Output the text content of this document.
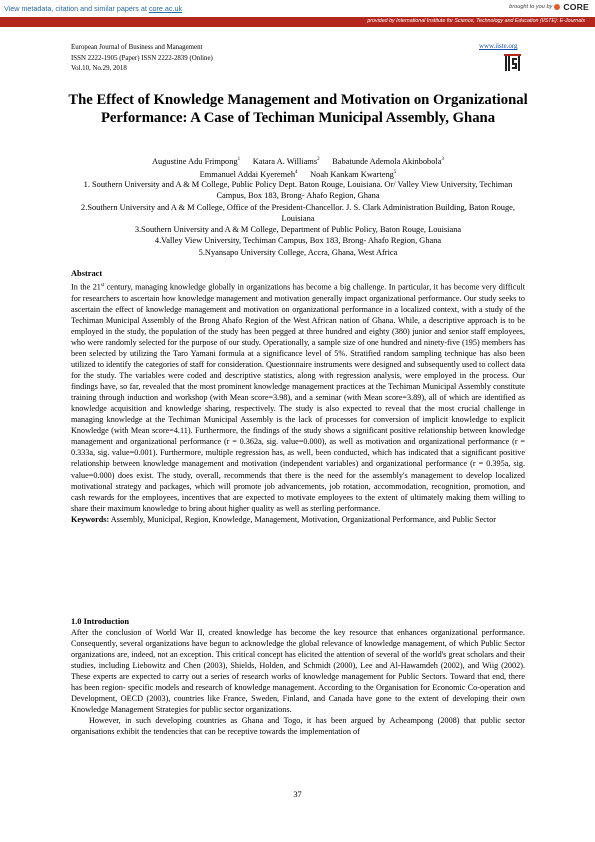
View metadata, citation and similar papers at core.ac.uk	brought to you by CORE
provided by International Institute for Science, Technology and Education (IISTE): E-Journals
European Journal of Business and Management
ISSN 2222-1905 (Paper) ISSN 2222-2839 (Online)
Vol.10, No.29, 2018
www.iiste.org
The Effect of Knowledge Management and Motivation on Organizational Performance: A Case of Techiman Municipal Assembly, Ghana
Augustine Adu Frimpong$^1$ Katara A. Williams$^2$ Babatunde Ademola Akinbobola$^3$
Emmanuel Addai Kyeremeh$^4$ Noah Kankam Kwarteng$^5$
1. Southern University and A & M College, Public Policy Dept. Baton Rouge, Louisiana. Or/ Valley View University, Techiman Campus, Box 183, Brong- Ahafo Region, Ghana
2.Southern University and A & M College, Office of the President-Chancellor. J. S. Clark Administration Building, Baton Rouge, Louisiana
3.Southern University and A & M College, Department of Public Policy, Baton Rouge, Louisiana
4.Valley View University, Techiman Campus, Box 183, Brong- Ahafo Region, Ghana
5.Nyansapo University College, Accra, Ghana, West Africa
Abstract
In the 21st century, managing knowledge globally in organizations has become a big challenge. In particular, it has become very difficult for researchers to ascertain how knowledge management and motivation generally impact organizational performance. Our study seeks to ascertain the effect of knowledge management and motivation on organizational performance in a localized context, with a study of the Techiman Municipal Assembly of the Brong Ahafo Region of the West African nation of Ghana. While, a descriptive approach is to be employed in the study, the population of the study has been pegged at three hundred and eighty (380) junior and senior staff employees, who were randomly selected for the purpose of our study. Operationally, a sample size of one hundred and ninety-five (195) members has been selected by utilizing the Taro Yamani formula at a significance level of 5%. Stratified random sampling technique has also been utilized to identify the categories of staff for consideration. Questionnaire instruments were designed and subsequently used to collect data for the study. The variables were coded and descriptive statistics, along with regression analysis, were employed in the process. Our findings have, so far, revealed that the most prominent knowledge management practices at the Techiman Municipal Assembly constitute training through induction and workshop (with Mean score=3.98), and a seminar (with Mean score=3.89), all of which are identified as knowledge acquisition and knowledge sharing, respectively. The study is also expected to reveal that the most crucial challenge in managing knowledge at the Techiman Municipal Assembly is the lack of processes for conversion of implicit knowledge to explicit Knowledge (with Mean score=4.11). Furthermore, the findings of the study shows a significant positive relationship between knowledge management and organizational performance (r = 0.362a, sig. value=0.000), as well as motivation and organizational performance (r = 0.333a, sig. value=0.001). Furthermore, multiple regression has, as well, been conducted, which has indicated that a significant positive relationship between knowledge management and motivation (independent variables) and organizational performance (r = 0.395a, sig. value=0.000) does exist. The study, overall, recommends that there is the need for the assembly's management to develop localized motivational strategy and packages, which will promote job advancements, job rotation, accommodation, recognition, promotion, and cash rewards for the employees, incentives that are expected to motivate employees to the extent of ultimately making them willing to share their maximum knowledge to bring about higher quality as well as sterling performance.
Keywords: Assembly, Municipal, Region, Knowledge, Management, Motivation, Organizational Performance, and Public Sector
1.0 Introduction

After the conclusion of World War II, created knowledge has become the key resource that enhances organizational performance. Consequently, several organizations have begun to acknowledge the global relevance of knowledge management, of which Public Sector organizations are, indeed, not an exception. This critical concept has elicited the attention of several of the world's great scholars and their studies, including Liebowitz and Chen (2003), Shields, Holden, and Schmidt (2000), Lee and Al-Hawamdeh (2002), and Wiig (2002). These experts are expected to carry out a series of research works of knowledge management for Public Sectors. Toward that end, there has been region- specific models and research of knowledge management. According to the Organisation for Economic Co-operation and Development, OECD (2003), countries like France, Sweden, Finland, and Canada have gone to the extent of developing their own Knowledge Management Strategies for public sector organizations.

However, in such developing countries as Ghana and Togo, it has been argued by Acheampong (2008) that public sector organisations exhibit the tendencies that can be receptive towards the implementation of

37
